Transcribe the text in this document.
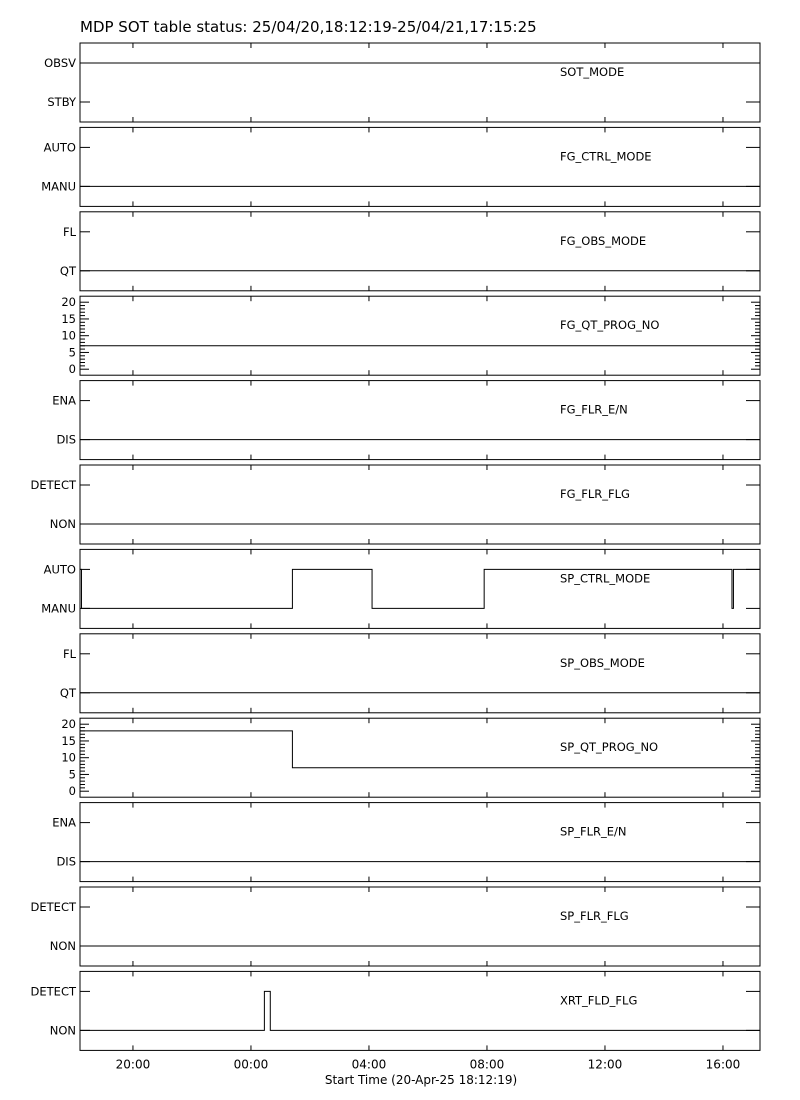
MDP SOT table status: 25/04/20,18:12:19-25/04/21,17:15:25
OBSV
STBY
SOT_MODE
AUTO
MANU
FG_CTRL_MODE
FL
QT
FG_OBS_MODE
0
5
10
15
20
FG_QT_PROG_NO
ENA
DIS
FG_FLR_E/N
DETECT
NON
FG_FLR_FLG
AUTO
MANU
SP_CTRL_MODE
FL
QT
SP_OBS_MODE
0
5
10
15
20
SP_QT_PROG_NO
ENA
DIS
SP_FLR_E/N
DETECT
NON
SP_FLR_FLG
DETECT
NON
XRT_FLD_FLG
20:00	00:00	04:00	08:00	12:00	16:00
Start Time (20-Apr-25 18:12:19)
